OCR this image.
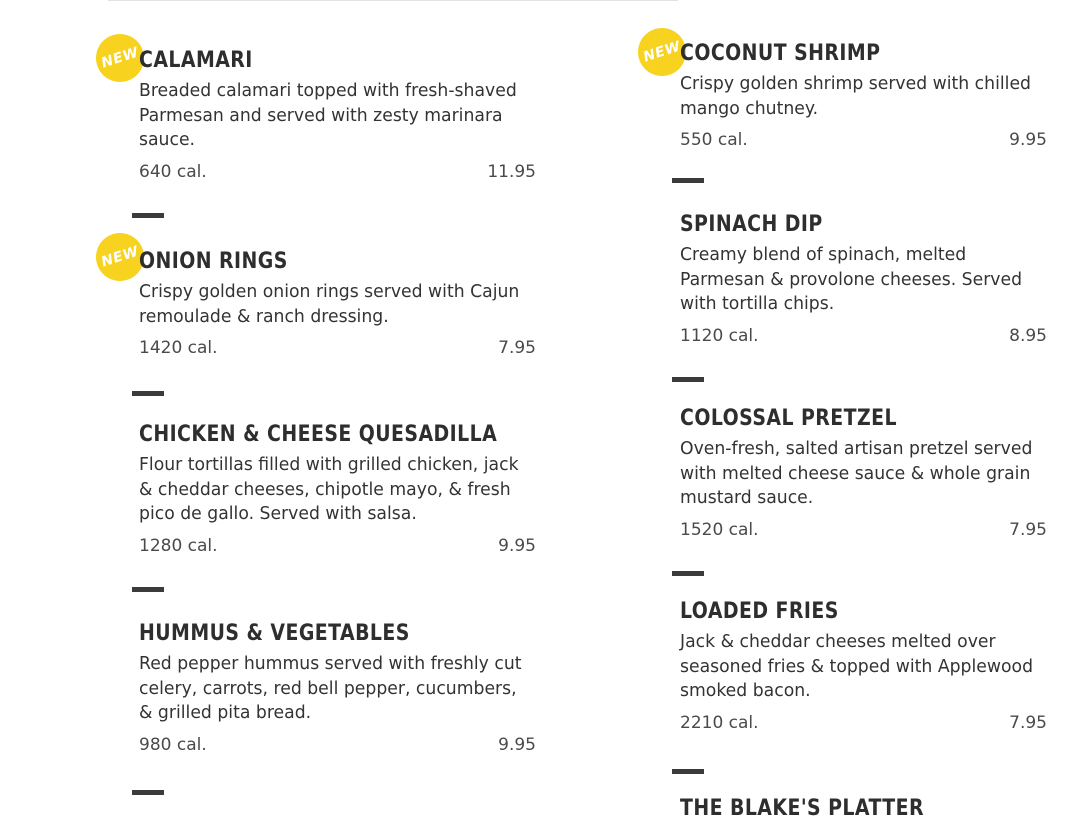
NEW
CALAMARI

Breaded calamari topped with fresh-shaved Parmesan and served with zesty marinara sauce.

640 cal.	11.95
NEW
ONION RINGS

Crispy golden onion rings served with Cajun remoulade & ranch dressing.

1420 cal.	7.95
CHICKEN & CHEESE QUESADILLA

Flour tortillas filled with grilled chicken, jack & cheddar cheeses, chipotle mayo, & fresh pico de gallo. Served with salsa.

1280 cal.	9.95
HUMMUS & VEGETABLES

Red pepper hummus served with freshly cut celery, carrots, red bell pepper, cucumbers, & grilled pita bread.

980 cal.	9.95
NEW
COCONUT SHRIMP

Crispy golden shrimp served with chilled mango chutney.

550 cal.	9.95
SPINACH DIP

Creamy blend of spinach, melted Parmesan & provolone cheeses. Served with tortilla chips.

1120 cal.	8.95
COLOSSAL PRETZEL

Oven-fresh, salted artisan pretzel served with melted cheese sauce & whole grain mustard sauce.

1520 cal.	7.95
LOADED FRIES

Jack & cheddar cheeses melted over seasoned fries & topped with Applewood smoked bacon.

2210 cal.	7.95
THE BLAKE'S PLATTER
